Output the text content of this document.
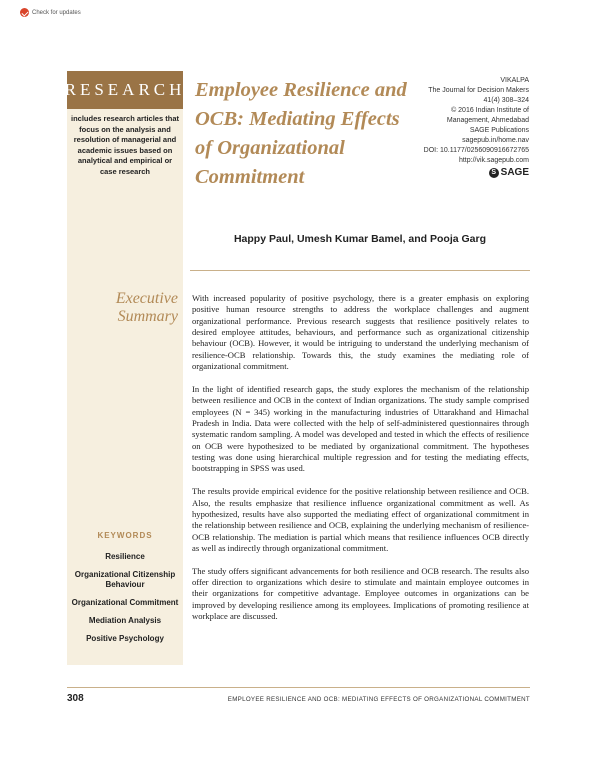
Check for updates
RESEARCH
includes research articles that focus on the analysis and resolution of managerial and academic issues based on analytical and empirical or case research
Employee Resilience and OCB: Mediating Effects of Organizational Commitment
VIKALPA
The Journal for Decision Makers
41(4) 308–324
© 2016 Indian Institute of Management, Ahmedabad
SAGE Publications
sagepub.in/home.nav
DOI: 10.1177/0256090916672765
http://vik.sagepub.com
S SAGE
Happy Paul, Umesh Kumar Bamel, and Pooja Garg
Executive
Summary

With increased popularity of positive psychology, there is a greater emphasis on exploring positive human resource strengths to address the workplace challenges and augment organizational performance. Previous research suggests that resilience positively relates to desired employee attitudes, behaviours, and performance such as organizational citizenship behaviour (OCB). However, it would be intriguing to understand the underlying mechanism of resilience-OCB relationship. Towards this, the study examines the mediating role of organizational commitment.

In the light of identified research gaps, the study explores the mechanism of the relationship between resilience and OCB in the context of Indian organizations. The study sample comprised employees (N = 345) working in the manufacturing industries of Uttarakhand and Himachal Pradesh in India. Data were collected with the help of self-administered questionnaires through systematic random sampling. A model was developed and tested in which the effects of resilience on OCB were hypothesized to be mediated by organizational commitment. The hypotheses testing was done using hierarchical multiple regression and for testing the mediating effects, bootstrapping in SPSS was used.

The results provide empirical evidence for the positive relationship between resilience and OCB. Also, the results emphasize that resilience influence organizational commitment as well. As hypothesized, results have also supported the mediating effect of organizational commitment in the relationship between resilience and OCB, explaining the underlying mechanism of resilience-OCB relationship. The mediation is partial which means that resilience influences OCB directly as well as indirectly through organizational commitment.

The study offers significant advancements for both resilience and OCB research. The results also offer direction to organizations which desire to stimulate and maintain employee outcomes in their organizations for competitive advantage. Employee outcomes in organizations can be improved by developing resilience among its employees. Implications of promoting resilience at workplace are discussed.

KEYWORDS
Resilience
Organizational Citizenship Behaviour
Organizational Commitment
Mediation Analysis
Positive Psychology
308	EMPLOYEE RESILIENCE AND OCB: MEDIATING EFFECTS OF ORGANIZATIONAL COMMITMENT
